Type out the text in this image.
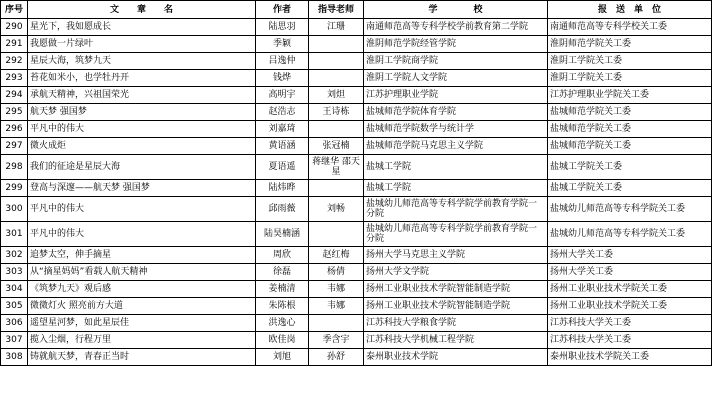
序号	文　　章　　名	作者	指导老师	学　　　　校	报　送　单　位
290	星光下，我如愿成长	陆思羽	江珊	南通师范高等专科学校学前教育第二学院	南通师范高等专科学校关工委
291	我愿做一片绿叶	季颖		淮阴师范学院经管学院	淮阴师范学院关工委
292	星辰大海，筑梦九天	吕逸仲		淮阴工学院商学院	淮阴工学院关工委
293	苔花如米小，也学牡丹开	钱烨		淮阴工学院人文学院	淮阴工学院关工委
294	承航天精神，兴祖国荣光	高明宇	刘炟	江苏护理职业学院	江苏护理职业学院关工委
295	航天梦 强国梦	赵浩志	王诗栋	盐城师范学院体育学院	盐城师范学院关工委
296	平凡中的伟大	刘嘉琦		盐城师范学院数学与统计学	盐城师范学院关工委
297	微火成炬	黄语涵	张冠楠	盐城师范学院马克思主义学院	盐城师范学院关工委
298	我们的征途是星辰大海	夏语遥	蒋继华 邵天星	盐城工学院	盐城工学院关工委
299	登高与深邃——航天梦 强国梦	陆炜晔		盐城工学院	盐城工学院关工委
300	平凡中的伟大	邱雨薇	刘畅	盐城幼儿师范高等专科学院学前教育学院一分院	盐城幼儿师范高等专科学院关工委
301	平凡中的伟大	陆昊楠涵		盐城幼儿师范高等专科学院学前教育学院一分院	盐城幼儿师范高等专科学院关工委
302	追梦太空，伸手摘星	周欣	赵红梅	扬州大学马克思主义学院	扬州大学关工委
303	从“摘星妈妈”看载人航天精神	徐磊	杨倩	扬州大学文学院	扬州大学关工委
304	《筑梦九天》观后感	姜楠清	韦娜	扬州工业职业技术学院智能制造学院	扬州工业职业技术学院关工委
305	微微灯火 照亮前方大道	朱陈根	韦娜	扬州工业职业技术学院智能制造学院	扬州工业职业技术学院关工委
306	遥望星河梦，如此星辰佳	洪逸心		江苏科技大学粮食学院	江苏科技大学关工委
307	揽入尘烟，行程万里	欧佳岗	季含宇	江苏科技大学机械工程学院	江苏科技大学关工委
308	铸就航天梦，青春正当时	刘旭	孙舒	泰州职业技术学院	泰州职业技术学院关工委
